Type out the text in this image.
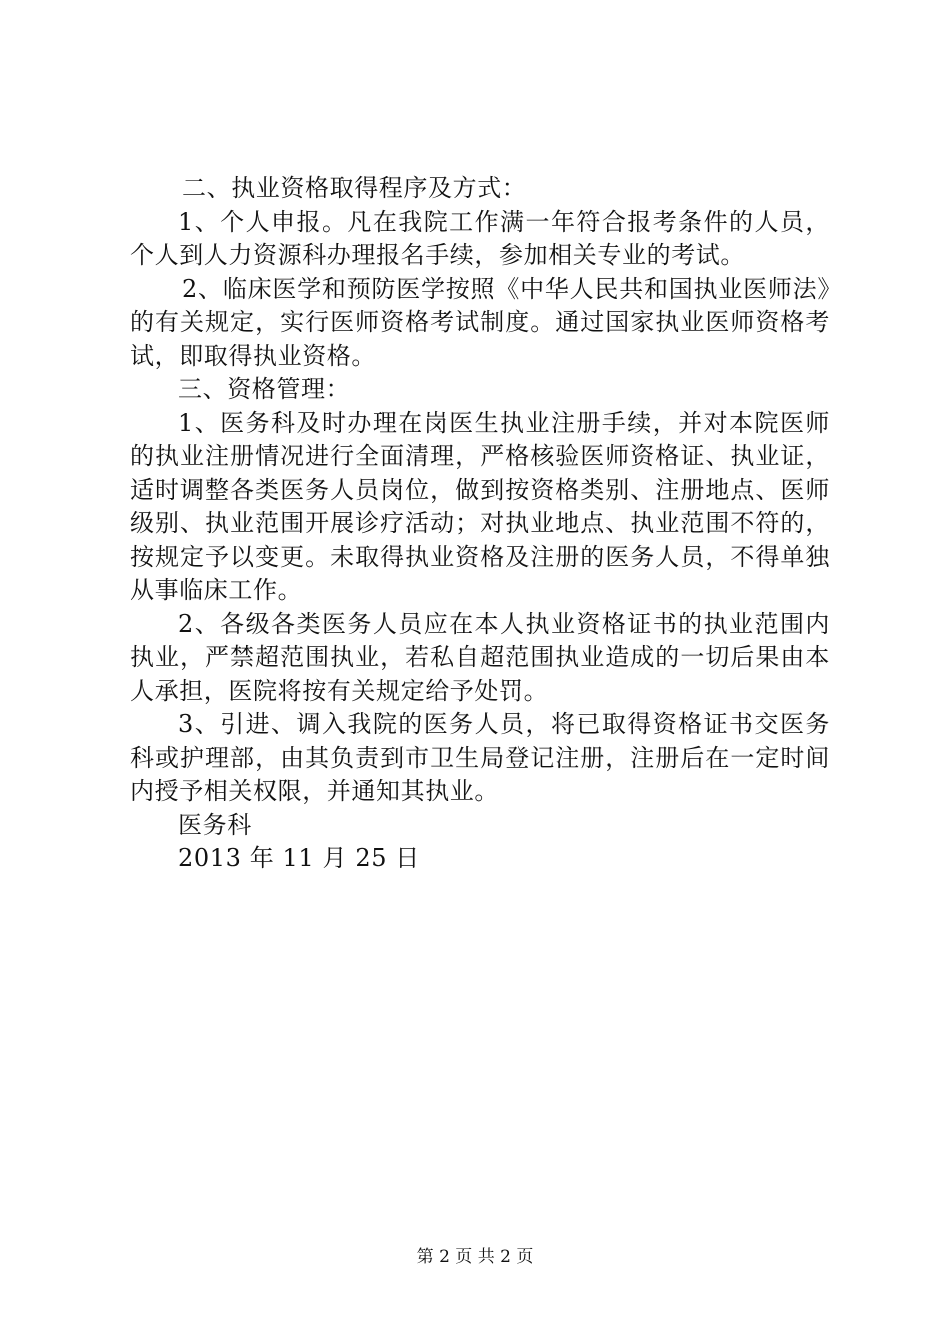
二、执业资格取得程序及方式：

1、个人申报。凡在我院工作满一年符合报考条件的人员，个人到人力资源科办理报名手续，参加相关专业的考试。

2、临床医学和预防医学按照《中华人民共和国执业医师法》的有关规定，实行医师资格考试制度。通过国家执业医师资格考试，即取得执业资格。

三、资格管理：

1、医务科及时办理在岗医生执业注册手续，并对本院医师的执业注册情况进行全面清理，严格核验医师资格证、执业证，适时调整各类医务人员岗位，做到按资格类别、注册地点、医师级别、执业范围开展诊疗活动；对执业地点、执业范围不符的，按规定予以变更。未取得执业资格及注册的医务人员，不得单独从事临床工作。

2、各级各类医务人员应在本人执业资格证书的执业范围内执业，严禁超范围执业，若私自超范围执业造成的一切后果由本人承担，医院将按有关规定给予处罚。

3、引进、调入我院的医务人员，将已取得资格证书交医务科或护理部，由其负责到市卫生局登记注册，注册后在一定时间内授予相关权限，并通知其执业。

医务科

2013 年 11 月 25 日

第 2 页 共 2 页
